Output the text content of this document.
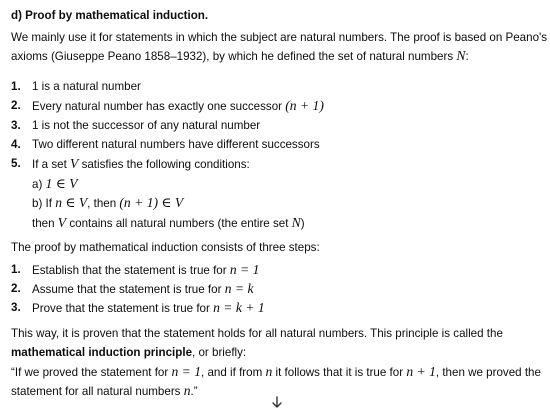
d) Proof by mathematical induction.
We mainly use it for statements in which the subject are natural numbers. The proof is based on Peano's
axioms (Giuseppe Peano 1858–1932), by which he defined the set of natural numbers N:
1. 1 is a natural number
2. Every natural number has exactly one successor (n + 1)
3. 1 is not the successor of any natural number
4. Two different natural numbers have different successors
5. If a set V satisfies the following conditions:
a) 1 ∈ V
b) If n ∈ V, then (n + 1) ∈ V
then V contains all natural numbers (the entire set N)
The proof by mathematical induction consists of three steps:
1. Establish that the statement is true for n = 1
2. Assume that the statement is true for n = k
3. Prove that the statement is true for n = k + 1
This way, it is proven that the statement holds for all natural numbers. This principle is called the
mathematical induction principle, or briefly:
“If we proved the statement for n = 1, and if from n it follows that it is true for n + 1, then we proved the
statement for all natural numbers n.”
